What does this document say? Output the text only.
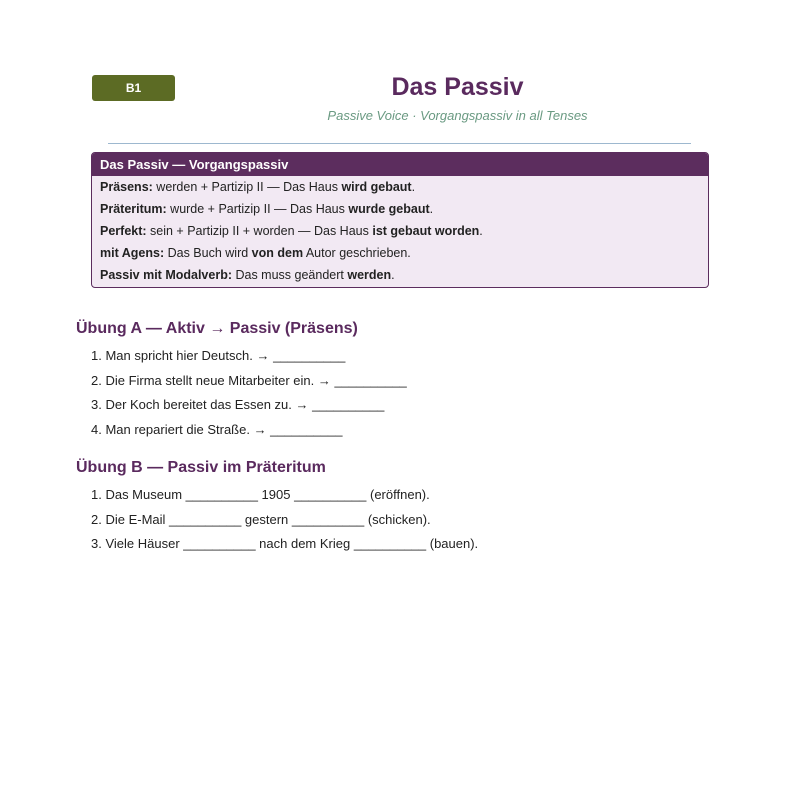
B1	Das Passiv
Passive Voice · Vorgangspassiv in all Tenses
Das Passiv — Vorgangspassiv
Präsens: werden + Partizip II — Das Haus wird gebaut.
Präteritum: wurde + Partizip II — Das Haus wurde gebaut.
Perfekt: sein + Partizip II + worden — Das Haus ist gebaut worden.
mit Agens: Das Buch wird von dem Autor geschrieben.
Passiv mit Modalverb: Das muss geändert werden.
Übung A — Aktiv → Passiv (Präsens)
1. Man spricht hier Deutsch. → __________
2. Die Firma stellt neue Mitarbeiter ein. → __________
3. Der Koch bereitet das Essen zu. → __________
4. Man repariert die Straße. → __________
Übung B — Passiv im Präteritum
1. Das Museum __________ 1905 __________ (eröffnen).
2. Die E-Mail __________ gestern __________ (schicken).
3. Viele Häuser __________ nach dem Krieg __________ (bauen).
